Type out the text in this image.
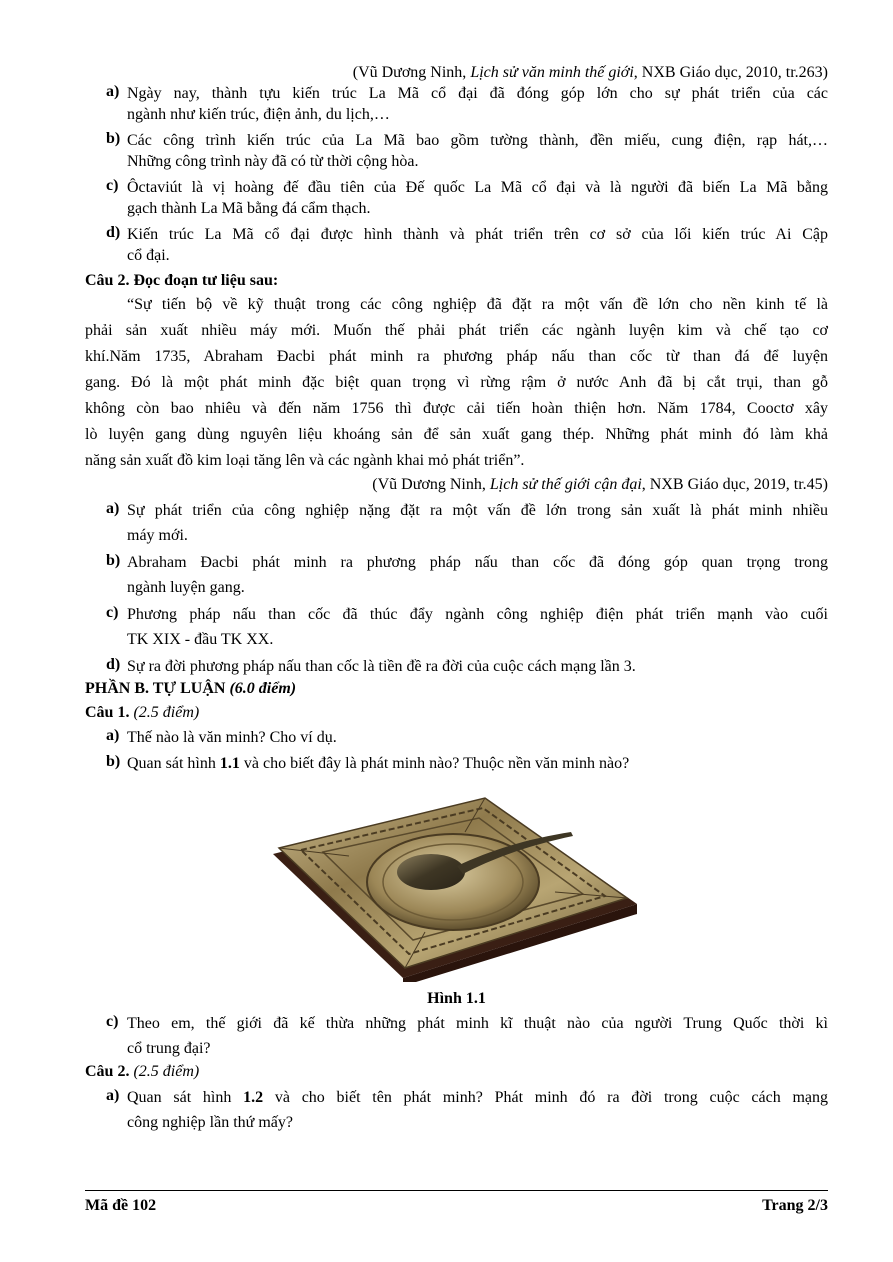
(Vũ Dương Ninh, Lịch sử văn minh thế giới, NXB Giáo dục, 2010, tr.263)
a) Ngày nay, thành tựu kiến trúc La Mã cổ đại đã đóng góp lớn cho sự phát triển của các
ngành như kiến trúc, điện ảnh, du lịch,…
b) Các công trình kiến trúc của La Mã bao gồm tường thành, đền miếu, cung điện, rạp hát,…
Những công trình này đã có từ thời cộng hòa.
c) Ôctaviút là vị hoàng đế đầu tiên của Đế quốc La Mã cổ đại và là người đã biến La Mã bằng
gạch thành La Mã bằng đá cẩm thạch.
d) Kiến trúc La Mã cổ đại được hình thành và phát triển trên cơ sở của lối kiến trúc Ai Cập
cổ đại.
Câu 2. Đọc đoạn tư liệu sau:
“Sự tiến bộ về kỹ thuật trong các công nghiệp đã đặt ra một vấn đề lớn cho nền kinh tế là
phải sản xuất nhiều máy mới. Muốn thế phải phát triển các ngành luyện kim và chế tạo cơ
khí.Năm 1735, Abraham Đacbi phát minh ra phương pháp nấu than cốc từ than đá để luyện
gang. Đó là một phát minh đặc biệt quan trọng vì rừng rậm ở nước Anh đã bị cắt trụi, than gỗ
không còn bao nhiêu và đến năm 1756 thì được cải tiến hoàn thiện hơn. Năm 1784, Cooctơ xây
lò luyện gang dùng nguyên liệu khoáng sản để sản xuất gang thép. Những phát minh đó làm khả
năng sản xuất đồ kim loại tăng lên và các ngành khai mỏ phát triển”.
(Vũ Dương Ninh, Lịch sử thế giới cận đại, NXB Giáo dục, 2019, tr.45)
a) Sự phát triển của công nghiệp nặng đặt ra một vấn đề lớn trong sản xuất là phát minh nhiều
máy mới.
b) Abraham Đacbi phát minh ra phương pháp nấu than cốc đã đóng góp quan trọng trong
ngành luyện gang.
c) Phương pháp nấu than cốc đã thúc đẩy ngành công nghiệp điện phát triển mạnh vào cuối
TK XIX - đầu TK XX.
d) Sự ra đời phương pháp nấu than cốc là tiền đề ra đời của cuộc cách mạng lần 3.
PHẦN B. TỰ LUẬN (6.0 điểm)
Câu 1. (2.5 điểm)
a) Thế nào là văn minh? Cho ví dụ.
b) Quan sát hình 1.1 và cho biết đây là phát minh nào? Thuộc nền văn minh nào?
Hình 1.1
c) Theo em, thế giới đã kế thừa những phát minh kĩ thuật nào của người Trung Quốc thời kì
cổ trung đại?
Câu 2. (2.5 điểm)
a) Quan sát hình 1.2 và cho biết tên phát minh? Phát minh đó ra đời trong cuộc cách mạng
công nghiệp lần thứ mấy?
Mã đề 102	Trang 2/3
